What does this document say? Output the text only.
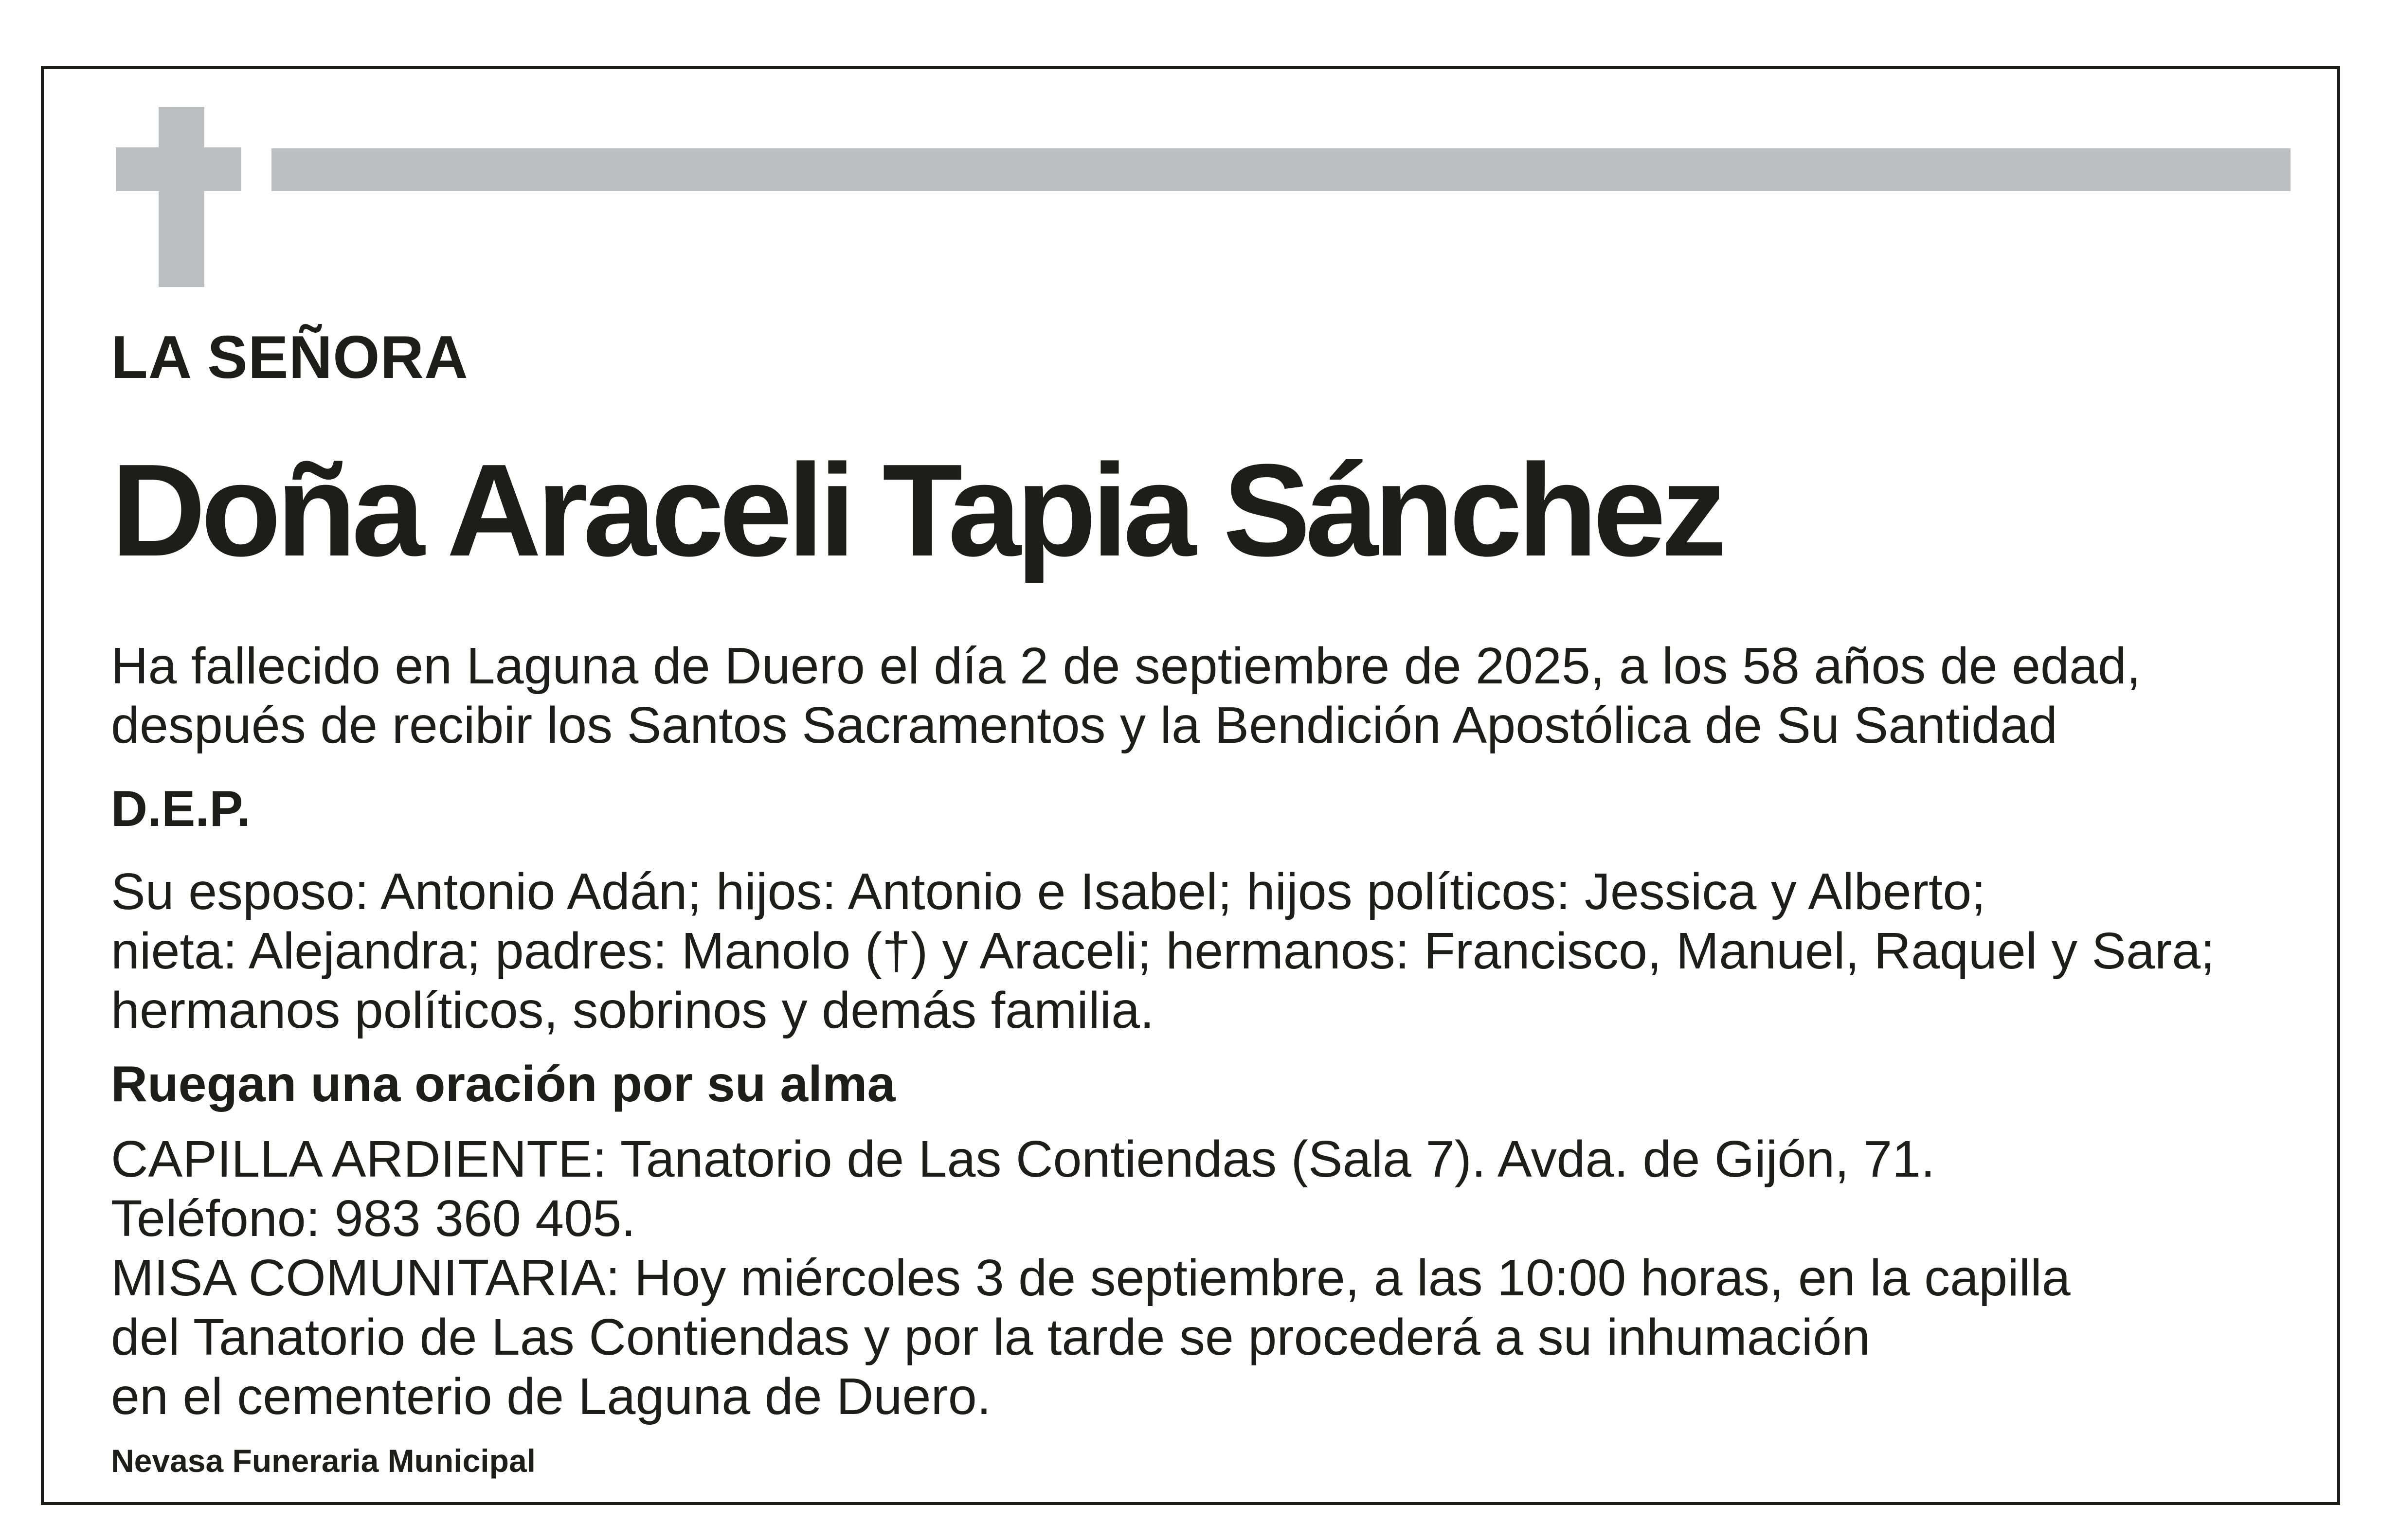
LA SEÑORA

Doña Araceli Tapia Sánchez

Ha fallecido en Laguna de Duero el día 2 de septiembre de 2025, a los 58 años de edad,
después de recibir los Santos Sacramentos y la Bendición Apostólica de Su Santidad

D.E.P.

Su esposo: Antonio Adán; hijos: Antonio e Isabel; hijos políticos: Jessica y Alberto;
nieta: Alejandra; padres: Manolo (†) y Araceli; hermanos: Francisco, Manuel, Raquel y Sara;
hermanos políticos, sobrinos y demás familia.

Ruegan una oración por su alma

CAPILLA ARDIENTE: Tanatorio de Las Contiendas (Sala 7). Avda. de Gijón, 71.
Teléfono: 983 360 405.
MISA COMUNITARIA: Hoy miércoles 3 de septiembre, a las 10:00 horas, en la capilla
del Tanatorio de Las Contiendas y por la tarde se procederá a su inhumación
en el cementerio de Laguna de Duero.

Nevasa Funeraria Municipal
